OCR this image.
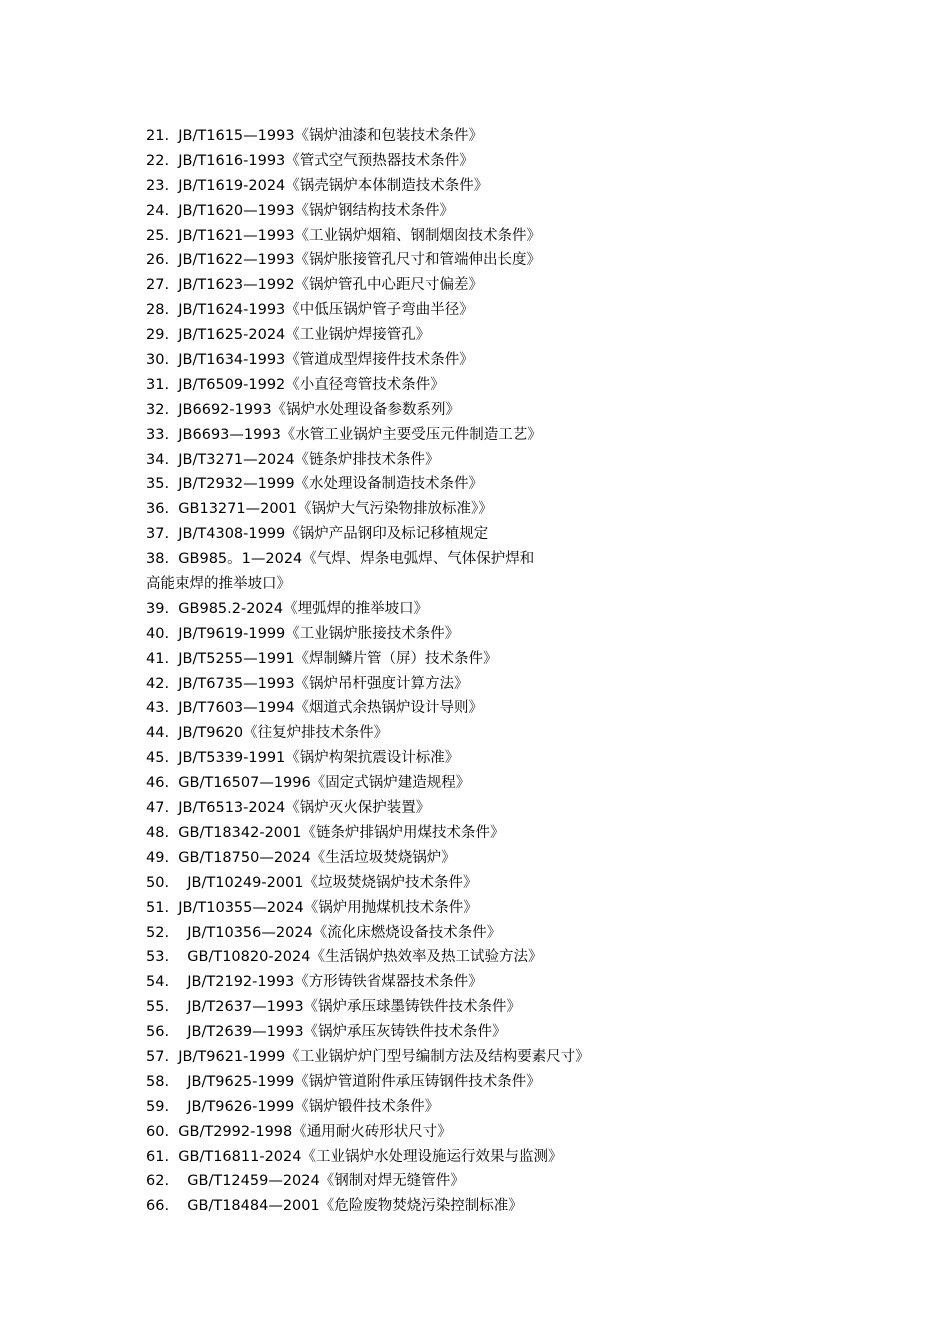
21. JB/T1615—1993《锅炉油漆和包装技术条件》
22. JB/T1616-1993《管式空气预热器技术条件》
23. JB/T1619-2024《锅壳锅炉本体制造技术条件》
24. JB/T1620—1993《锅炉钢结构技术条件》
25. JB/T1621—1993《工业锅炉烟箱、钢制烟囱技术条件》
26. JB/T1622—1993《锅炉胀接管孔尺寸和管端伸出长度》
27. JB/T1623—1992《锅炉管孔中心距尺寸偏差》
28. JB/T1624-1993《中低压锅炉管子弯曲半径》
29. JB/T1625-2024《工业锅炉焊接管孔》
30. JB/T1634-1993《管道成型焊接件技术条件》
31. JB/T6509-1992《小直径弯管技术条件》
32. JB6692-1993《锅炉水处理设备参数系列》
33. JB6693—1993《水管工业锅炉主要受压元件制造工艺》
34. JB/T3271—2024《链条炉排技术条件》
35. JB/T2932—1999《水处理设备制造技术条件》
36. GB13271—2001《锅炉大气污染物排放标准》》
37. JB/T4308-1999《锅炉产品钢印及标记移植规定
38. GB985。1—2024《气焊、焊条电弧焊、气体保护焊和
高能束焊的推举坡口》
39. GB985.2-2024《埋弧焊的推举坡口》
40. JB/T9619-1999《工业锅炉胀接技术条件》
41. JB/T5255—1991《焊制鳞片管（屏）技术条件》
42. JB/T6735—1993《锅炉吊杆强度计算方法》
43. JB/T7603—1994《烟道式余热锅炉设计导则》
44. JB/T9620《往复炉排技术条件》
45. JB/T5339-1991《锅炉构架抗震设计标准》
46. GB/T16507—1996《固定式锅炉建造规程》
47. JB/T6513-2024《锅炉灭火保护装置》
48. GB/T18342-2001《链条炉排锅炉用煤技术条件》
49. GB/T18750—2024《生活垃圾焚烧锅炉》
50. JB/T10249-2001《垃圾焚烧锅炉技术条件》
51. JB/T10355—2024《锅炉用抛煤机技术条件》
52. JB/T10356—2024《流化床燃烧设备技术条件》
53. GB/T10820-2024《生活锅炉热效率及热工试验方法》
54. JB/T2192-1993《方形铸铁省煤器技术条件》
55. JB/T2637—1993《锅炉承压球墨铸铁件技术条件》
56. JB/T2639—1993《锅炉承压灰铸铁件技术条件》
57. JB/T9621-1999《工业锅炉炉门型号编制方法及结构要素尺寸》
58. JB/T9625-1999《锅炉管道附件承压铸钢件技术条件》
59. JB/T9626-1999《锅炉锻件技术条件》
60. GB/T2992-1998《通用耐火砖形状尺寸》
61. GB/T16811-2024《工业锅炉水处理设施运行效果与监测》
62. GB/T12459—2024《钢制对焊无缝管件》
66. GB/T18484—2001《危险废物焚烧污染控制标准》
